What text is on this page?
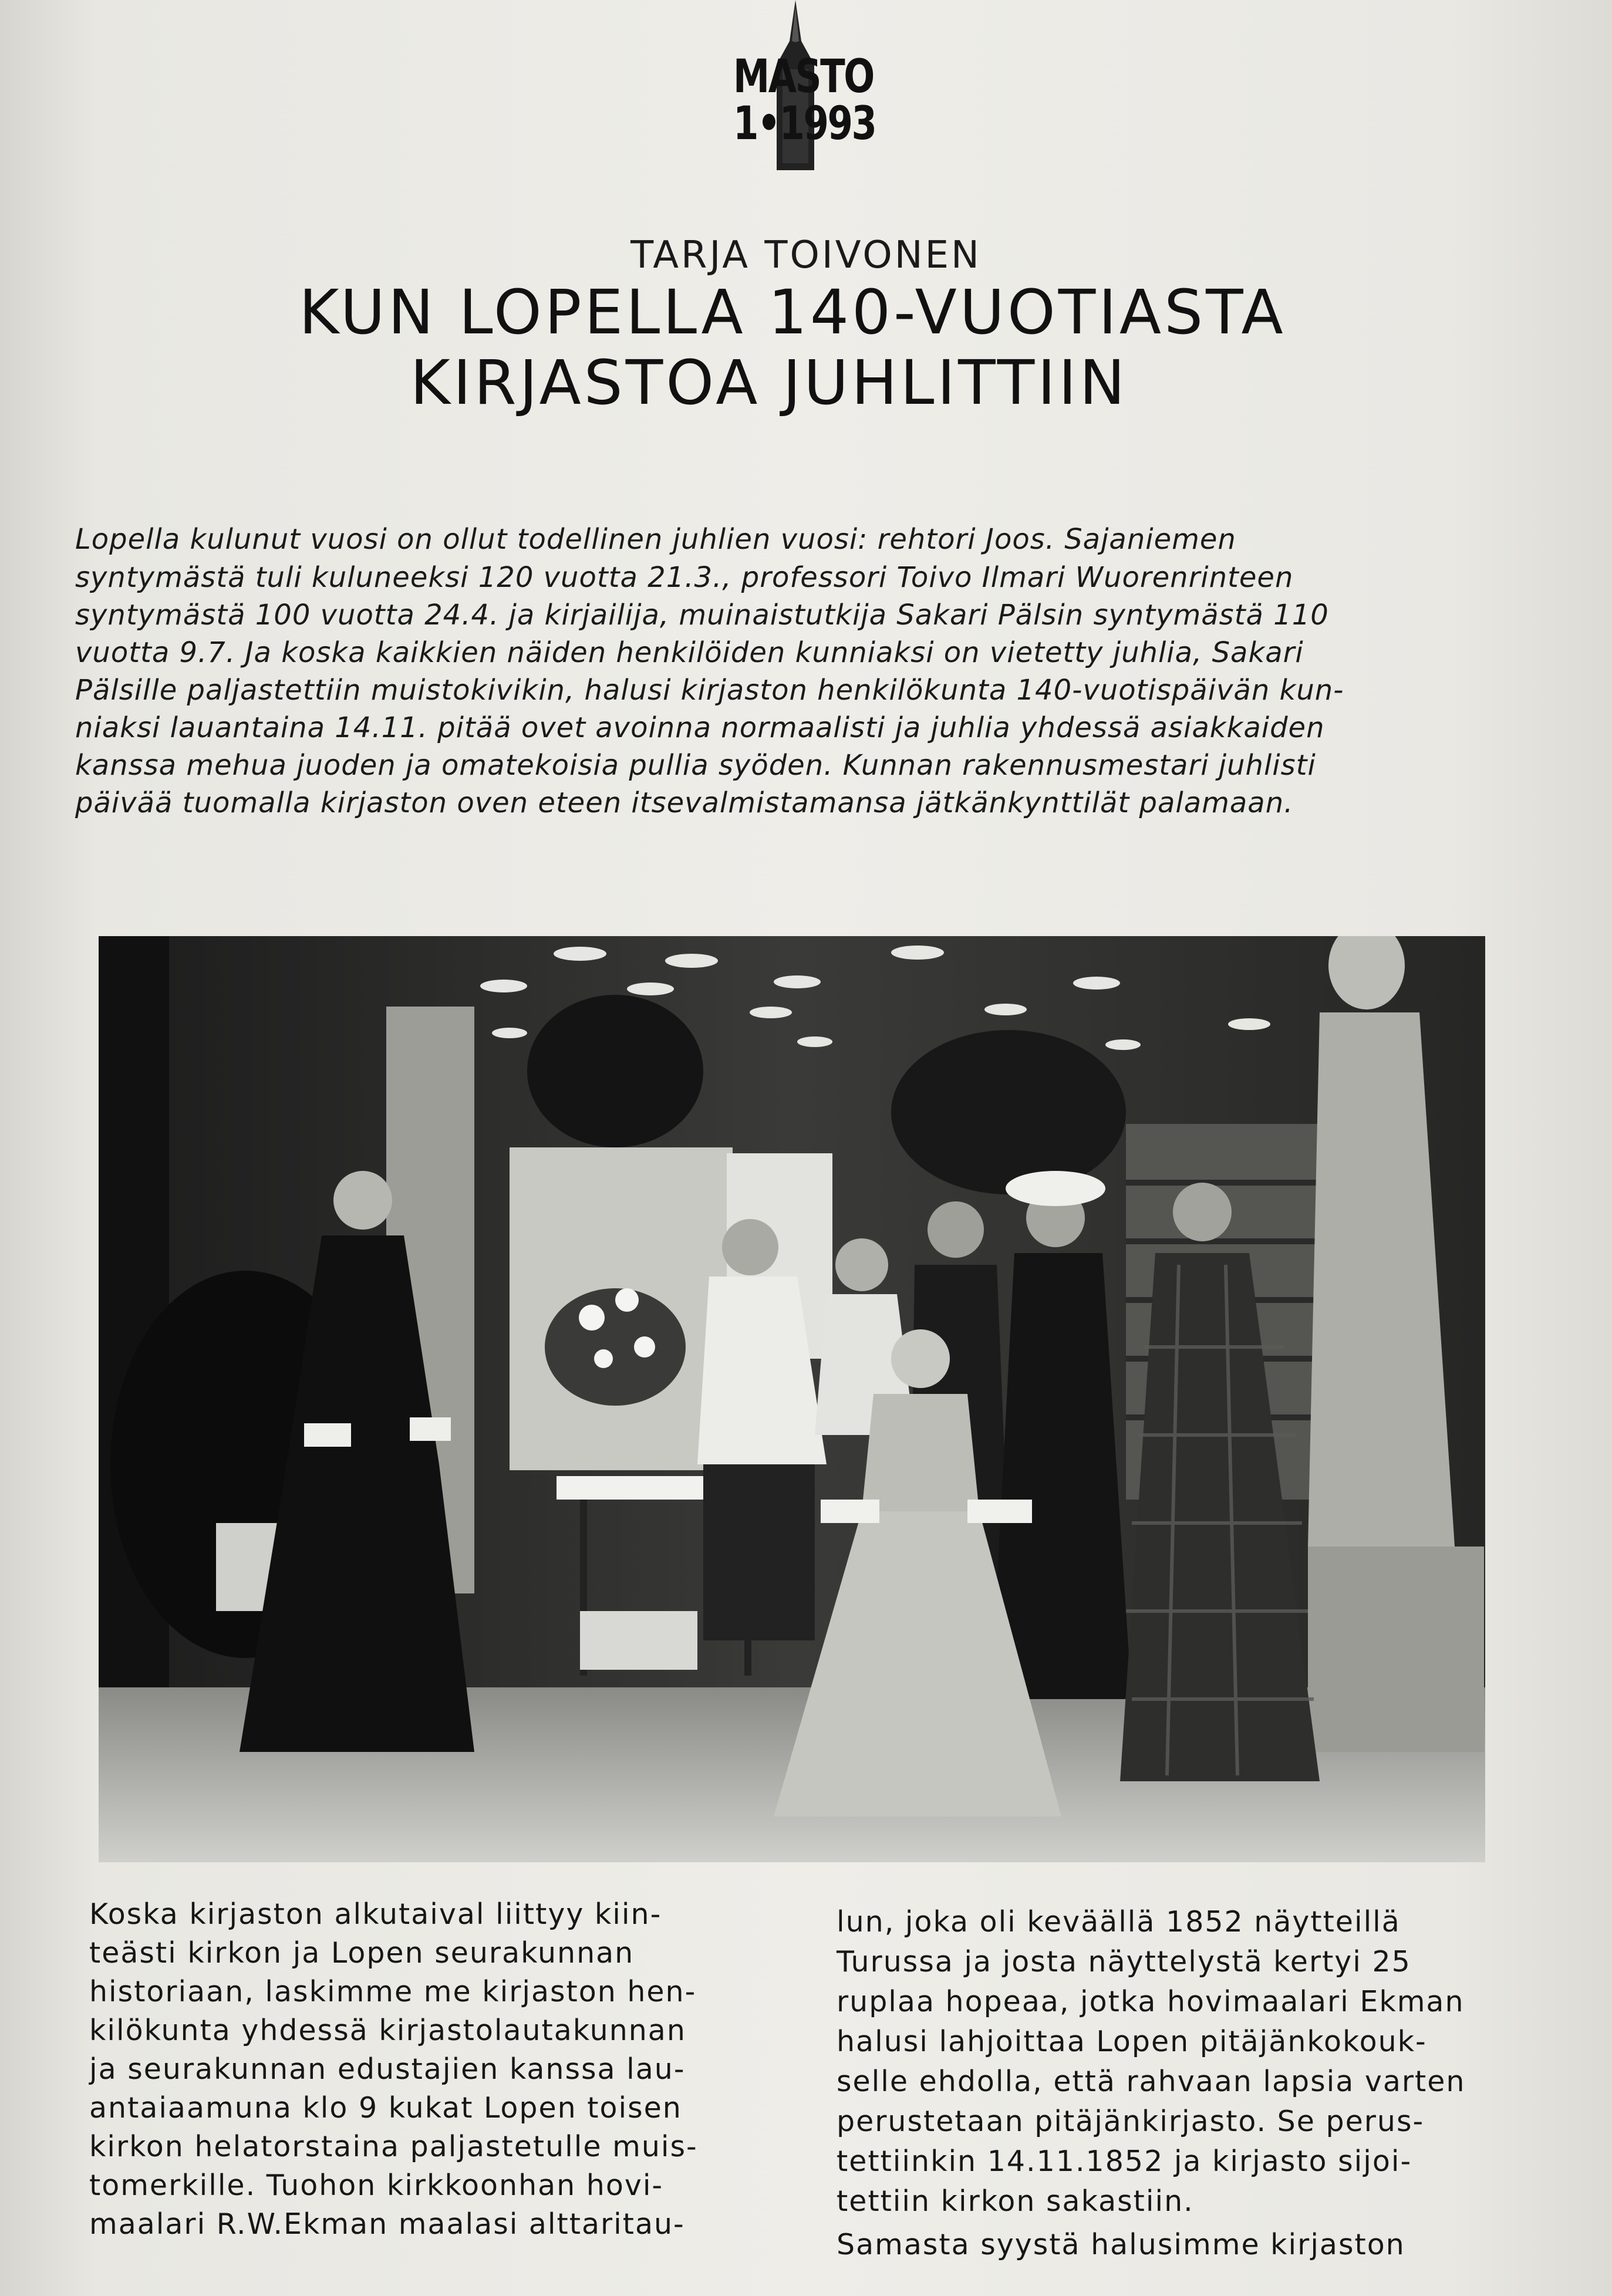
MASTO
1•1993
TARJA TOIVONEN
KUN LOPELLA 140-VUOTIASTA
KIRJASTOA JUHLITTIIN
Lopella kulunut vuosi on ollut todellinen juhlien vuosi: rehtori Joos. Sajaniemen
syntymästä tuli kuluneeksi 120 vuotta 21.3., professori Toivo Ilmari Wuorenrinteen
syntymästä 100 vuotta 24.4. ja kirjailija, muinaistutkija Sakari Pälsin syntymästä 110
vuotta 9.7. Ja koska kaikkien näiden henkilöiden kunniaksi on vietetty juhlia, Sakari
Pälsille paljastettiin muistokivikin, halusi kirjaston henkilökunta 140-vuotispäivän kun-
niaksi lauantaina 14.11. pitää ovet avoinna normaalisti ja juhlia yhdessä asiakkaiden
kanssa mehua juoden ja omatekoisia pullia syöden. Kunnan rakennusmestari juhlisti
päivää tuomalla kirjaston oven eteen itsevalmistamansa jätkänkynttilät palamaan.
Koska kirjaston alkutaival liittyy kiin-
teästi kirkon ja Lopen seurakunnan
historiaan, laskimme me kirjaston hen-
kilökunta yhdessä kirjastolautakunnan
ja seurakunnan edustajien kanssa lau-
antaiaamuna klo 9 kukat Lopen toisen
kirkon helatorstaina paljastetulle muis-
tomerkille. Tuohon kirkkoonhan hovi-
maalari R.W.Ekman maalasi alttaritau-
lun, joka oli keväällä 1852 näytteillä
Turussa ja josta näyttelystä kertyi 25
ruplaa hopeaa, jotka hovimaalari Ekman
halusi lahjoittaa Lopen pitäjänkokouk-
selle ehdolla, että rahvaan lapsia varten
perustetaan pitäjänkirjasto. Se perus-
tettiinkin 14.11.1852 ja kirjasto sijoi-
tettiin kirkon sakastiin.
Samasta syystä halusimme kirjaston
